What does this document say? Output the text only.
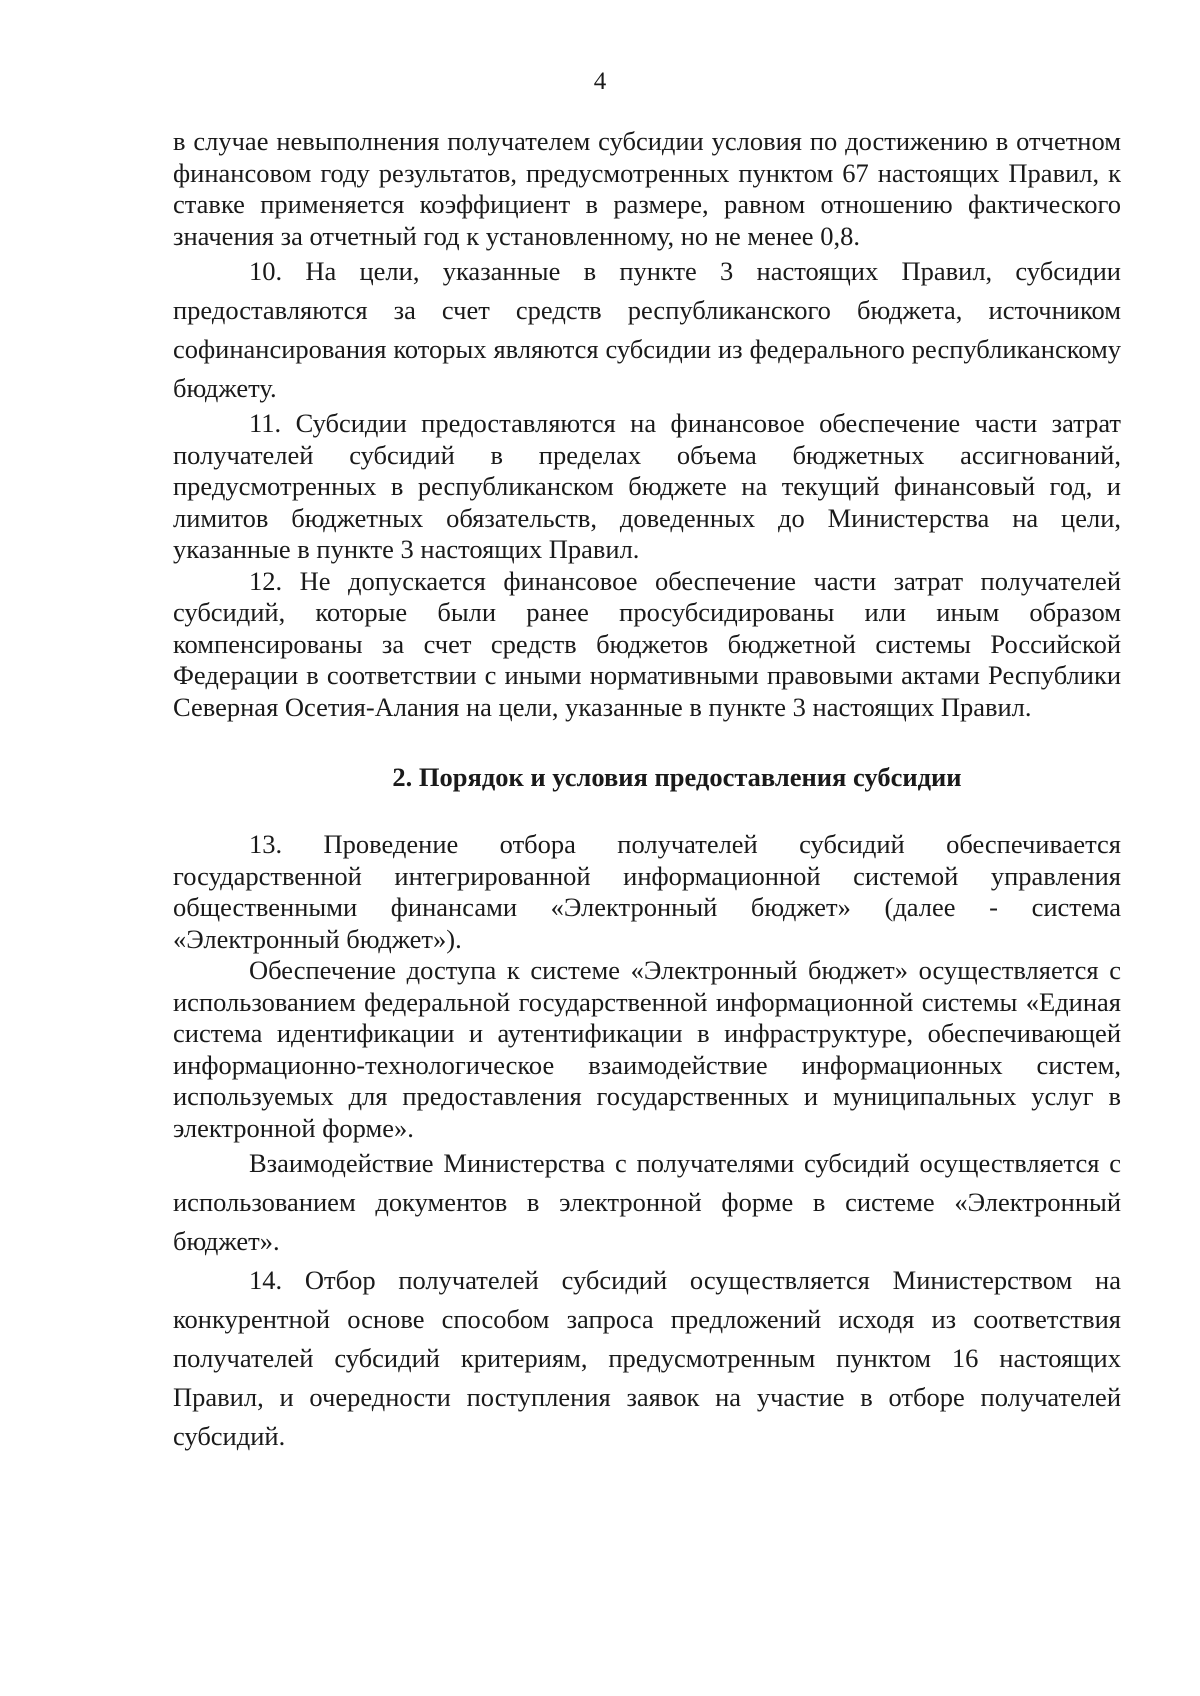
4

в случае невыполнения получателем субсидии условия по достижению в отчетном финансовом году результатов, предусмотренных пунктом 67 настоящих Правил, к ставке применяется коэффициент в размере, равном отношению фактического значения за отчетный год к установленному, но не менее 0,8.

10. На цели, указанные в пункте 3 настоящих Правил, субсидии предоставляются за счет средств республиканского бюджета, источником софинансирования которых являются субсидии из федерального республиканскому бюджету.

11. Субсидии предоставляются на финансовое обеспечение части затрат получателей субсидий в пределах объема бюджетных ассигнований, предусмотренных в республиканском бюджете на текущий финансовый год, и лимитов бюджетных обязательств, доведенных до Министерства на цели, указанные в пункте 3 настоящих Правил.

12. Не допускается финансовое обеспечение части затрат получателей субсидий, которые были ранее просубсидированы или иным образом компенсированы за счет средств бюджетов бюджетной системы Российской Федерации в соответствии с иными нормативными правовыми актами Республики Северная Осетия-Алания на цели, указанные в пункте 3 настоящих Правил.

2. Порядок и условия предоставления субсидии

13. Проведение отбора получателей субсидий обеспечивается государственной интегрированной информационной системой управления общественными финансами «Электронный бюджет» (далее - система «Электронный бюджет»).

Обеспечение доступа к системе «Электронный бюджет» осуществляется с использованием федеральной государственной информационной системы «Единая система идентификации и аутентификации в инфраструктуре, обеспечивающей информационно-технологическое взаимодействие информационных систем, используемых для предоставления государственных и муниципальных услуг в электронной форме».

Взаимодействие Министерства с получателями субсидий осуществляется с использованием документов в электронной форме в системе «Электронный бюджет».

14. Отбор получателей субсидий осуществляется Министерством на конкурентной основе способом запроса предложений исходя из соответствия получателей субсидий критериям, предусмотренным пунктом 16 настоящих Правил, и очередности поступления заявок на участие в отборе получателей субсидий.
